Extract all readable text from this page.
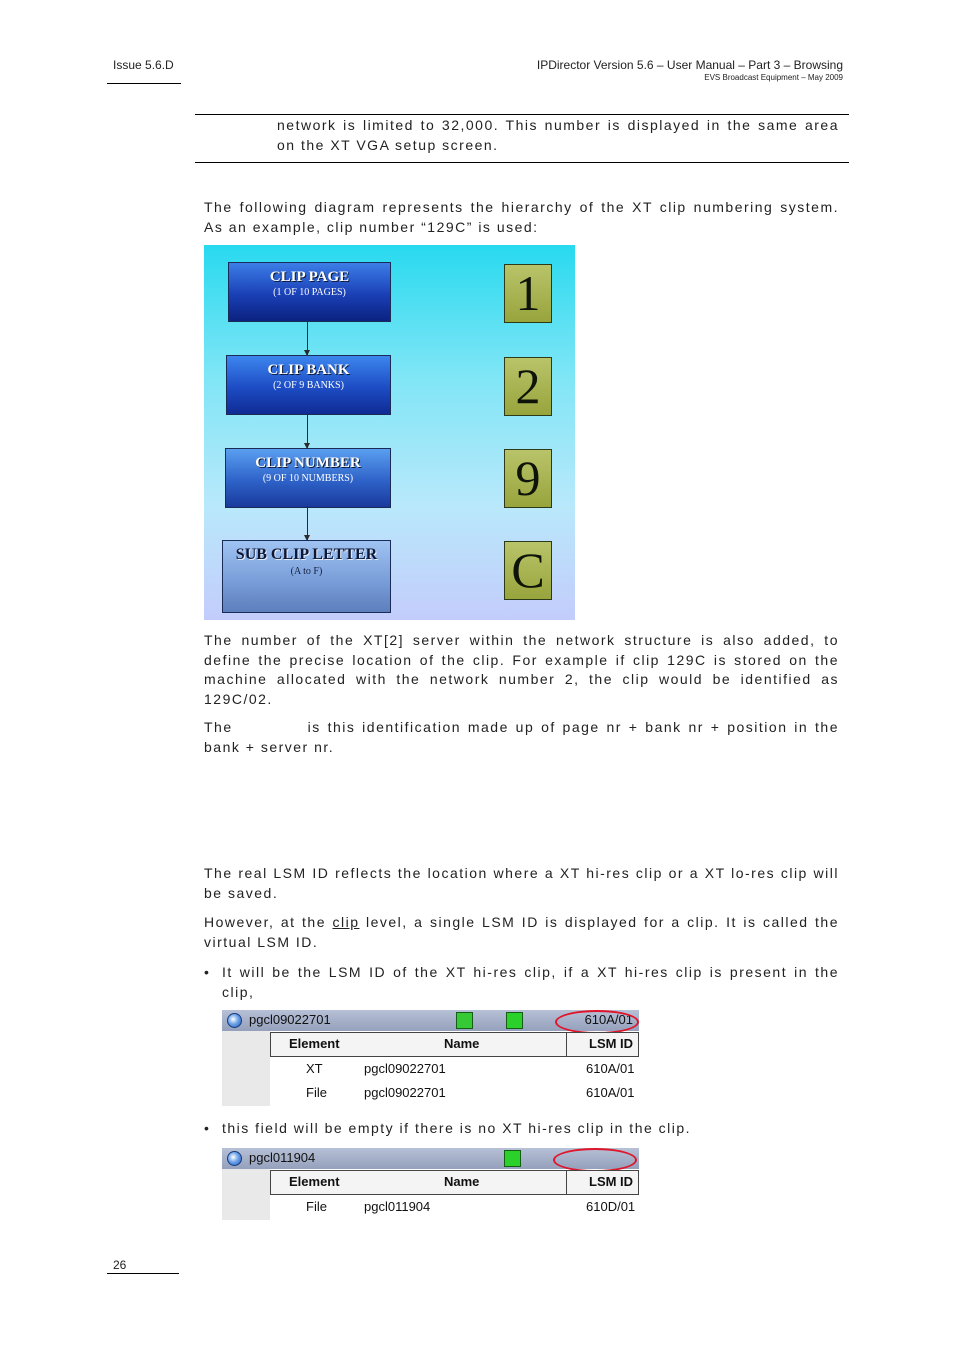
Issue 5.6.D	IPDirector Version 5.6 – User Manual – Part 3 – Browsing
EVS Broadcast Equipment – May 2009
network is limited to 32,000. This number is displayed in the same area on the XT VGA setup screen.
The following diagram represents the hierarchy of the XT clip numbering system. As an example, clip number “129C” is used:
CLIP PAGE
(1 OF 10 PAGES)
CLIP BANK
(2 OF 9 BANKS)
CLIP NUMBER
(9 OF 10 NUMBERS)
SUB CLIP LETTER
(A to F)
1
2
9
C
The number of the XT[2] server within the network structure is also added, to define the precise location of the clip. For example if clip 129C is stored on the machine allocated with the network number 2, the clip would be identified as 129C/02.
The           is this identification made up of page nr + bank nr + position in the bank + server nr.
The real LSM ID reflects the location where a XT hi-res clip or a XT lo-res clip will be saved.
However, at the clip level, a single LSM ID is displayed for a clip. It is called the virtual LSM ID.
• It will be the LSM ID of the XT hi-res clip, if a XT hi-res clip is present in the clip,
pgcl09022701	610A/01
Element	Name	LSM ID
XT	pgcl09022701	610A/01
File	pgcl09022701	610A/01
• this field will be empty if there is no XT hi-res clip in the clip.
pgcl011904
Element	Name	LSM ID
File	pgcl011904	610D/01
26
